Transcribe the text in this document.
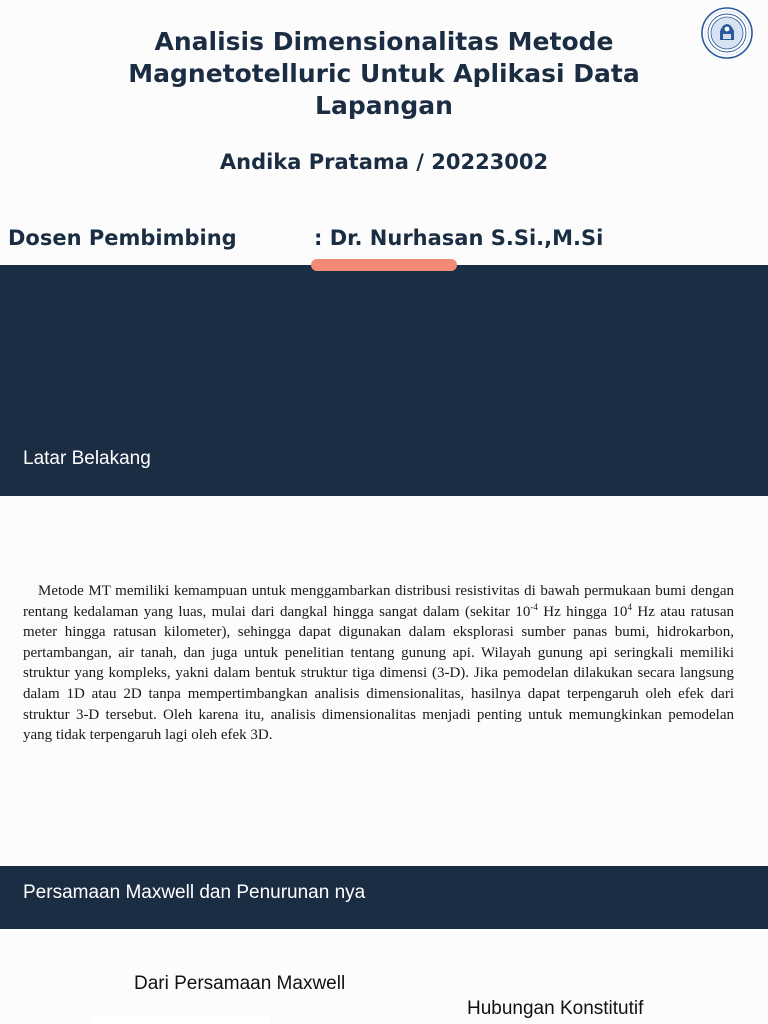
Analisis Dimensionalitas Metode Magnetotelluric Untuk Aplikasi Data Lapangan
Andika Pratama / 20223002
Dosen Pembimbing	: Dr. Nurhasan S.Si.,M.Si
Latar Belakang

Metode MT memiliki kemampuan untuk menggambarkan distribusi resistivitas di bawah permukaan bumi dengan rentang kedalaman yang luas, mulai dari dangkal hingga sangat dalam (sekitar $10^{-4}$ Hz hingga $10^4$ Hz atau ratusan meter hingga ratusan kilometer), sehingga dapat digunakan dalam eksplorasi sumber panas bumi, hidrokarbon, pertambangan, air tanah, dan juga untuk penelitian tentang gunung api. Wilayah gunung api seringkali memiliki struktur yang kompleks, yakni dalam bentuk struktur tiga dimensi (3-D). Jika pemodelan dilakukan secara langsung dalam 1D atau 2D tanpa mempertimbangkan analisis dimensionalitas, hasilnya dapat terpengaruh oleh efek dari struktur 3-D tersebut. Oleh karena itu, analisis dimensionalitas menjadi penting untuk memungkinkan pemodelan yang tidak terpengaruh lagi oleh efek 3D.

Persamaan Maxwell dan Penurunan nya
Dari Persamaan Maxwell
Hubungan Konstitutif
